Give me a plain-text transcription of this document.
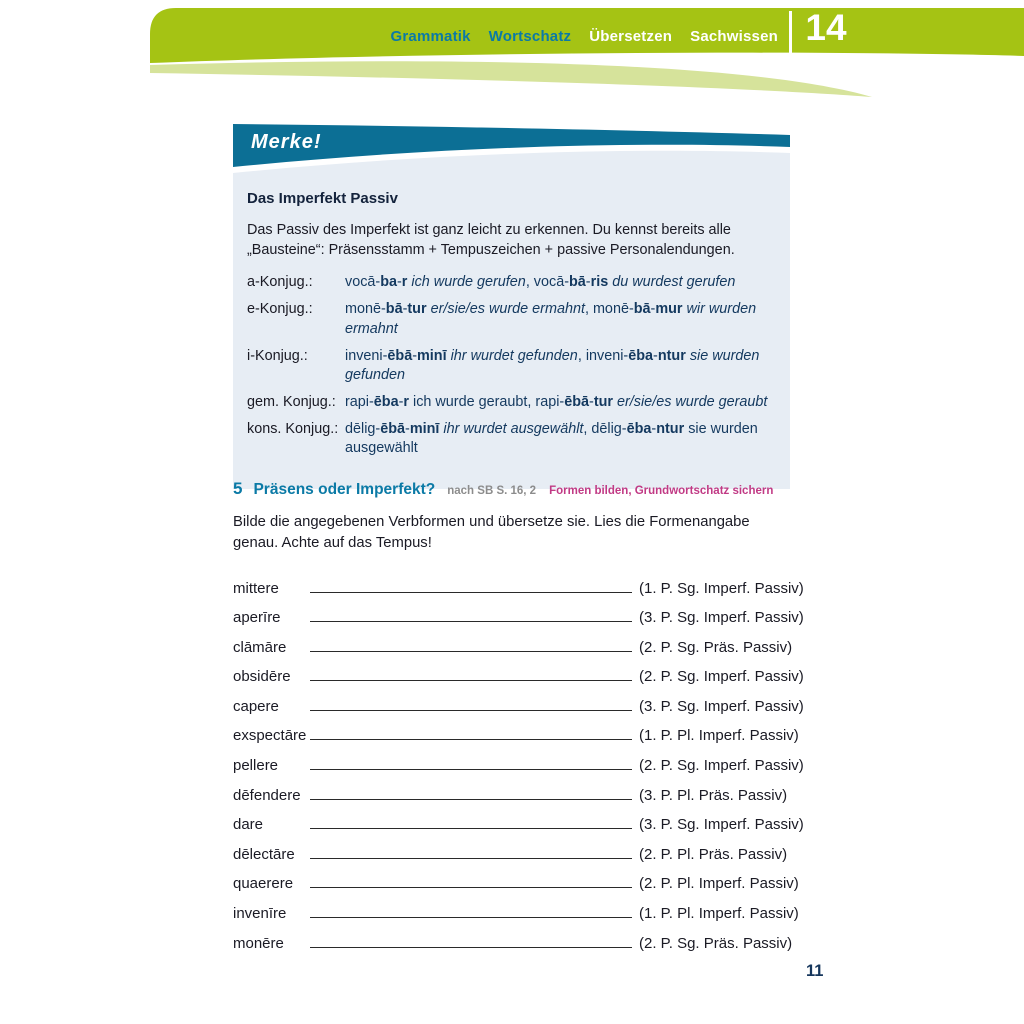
Grammatik Wortschatz Übersetzen Sachwissen 14
Merke!
Das Imperfekt Passiv

Das Passiv des Imperfekt ist ganz leicht zu erkennen. Du kennst bereits alle „Bausteine“: Präsensstamm + Tempuszeichen + passive Personalendungen.

a-Konjug.:	vocā-ba-r ich wurde gerufen, vocā-bā-ris du wurdest gerufen
e-Konjug.:	monē-bā-tur er/sie/es wurde ermahnt, monē-bā-mur wir wurden ermahnt
i-Konjug.:	inveni-ēbā-minī ihr wurdet gefunden, inveni-ēba-ntur sie wurden gefunden
gem. Konjug.: rapi-ēba-r ich wurde geraubt, rapi-ēbā-tur er/sie/es wurde geraubt
kons. Konjug.: dēlig-ēbā-minī ihr wurdet ausgewählt, dēlig-ēba-ntur sie wurden ausgewählt
5 Präsens oder Imperfekt? nach SB S. 16, 2 Formen bilden, Grundwortschatz sichern

Bilde die angegebenen Verbformen und übersetze sie. Lies die Formenangabe genau. Achte auf das Tempus!

mittere	(1. P. Sg. Imperf. Passiv)
aperīre	(3. P. Sg. Imperf. Passiv)
clāmāre	(2. P. Sg. Präs. Passiv)
obsidēre	(2. P. Sg. Imperf. Passiv)
capere	(3. P. Sg. Imperf. Passiv)
exspectāre	(1. P. Pl. Imperf. Passiv)
pellere	(2. P. Sg. Imperf. Passiv)
dēfendere	(3. P. Pl. Präs. Passiv)
dare	(3. P. Sg. Imperf. Passiv)
dēlectāre	(2. P. Pl. Präs. Passiv)
quaerere	(2. P. Pl. Imperf. Passiv)
invenīre	(1. P. Pl. Imperf. Passiv)
monēre	(2. P. Sg. Präs. Passiv)
11
